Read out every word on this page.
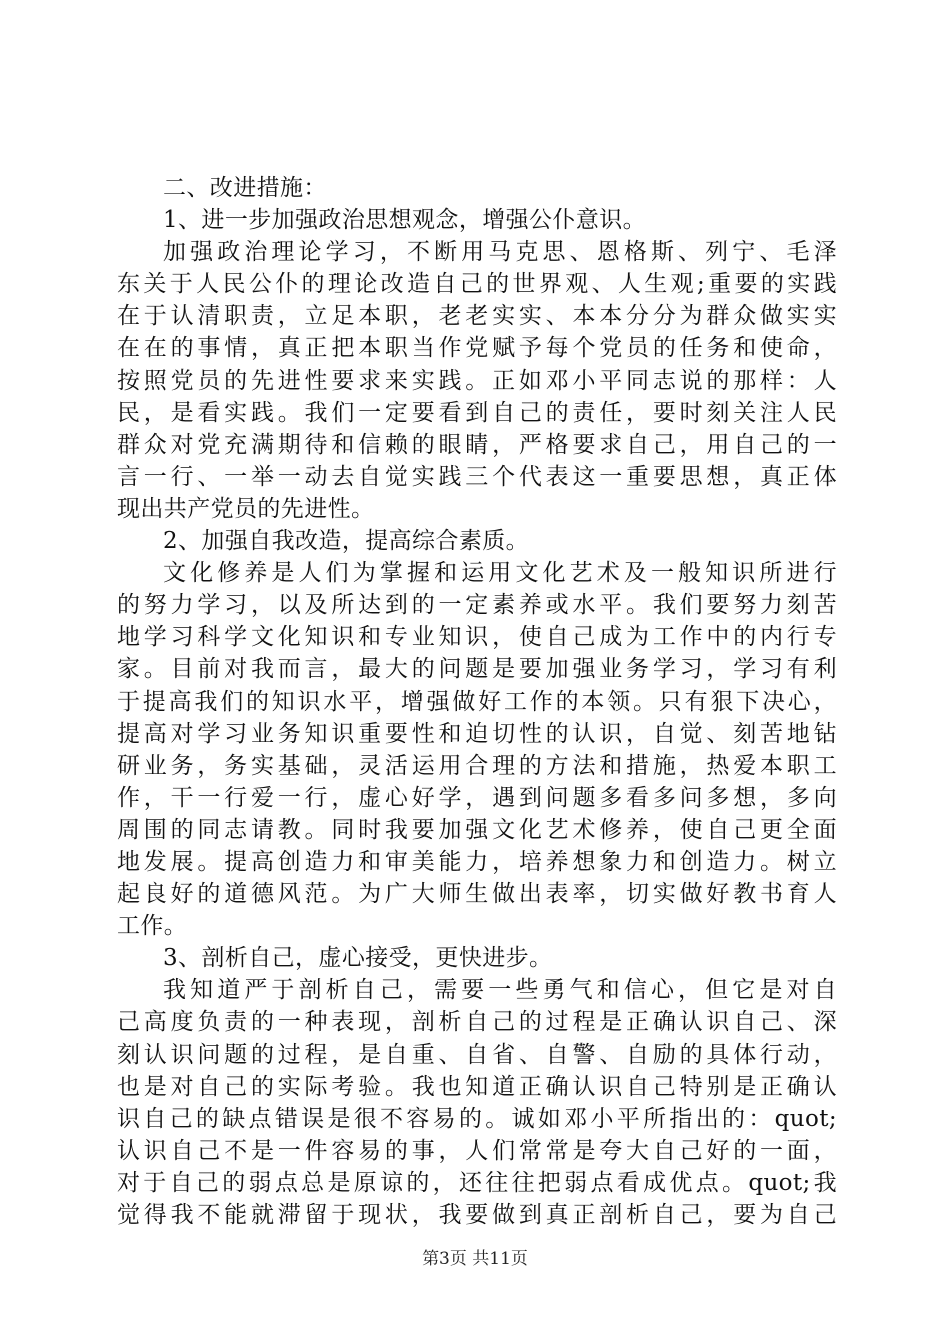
二、改进措施：
1、进一步加强政治思想观念，增强公仆意识。
加强政治理论学习，不断用马克思、恩格斯、列宁、毛泽
东关于人民公仆的理论改造自己的世界观、人生观;重要的实践
在于认清职责，立足本职，老老实实、本本分分为群众做实实
在在的事情，真正把本职当作党赋予每个党员的任务和使命，
按照党员的先进性要求来实践。正如邓小平同志说的那样：人
民，是看实践。我们一定要看到自己的责任，要时刻关注人民
群众对党充满期待和信赖的眼睛，严格要求自己，用自己的一
言一行、一举一动去自觉实践三个代表这一重要思想，真正体
现出共产党员的先进性。
2、加强自我改造，提高综合素质。
文化修养是人们为掌握和运用文化艺术及一般知识所进行
的努力学习，以及所达到的一定素养或水平。我们要努力刻苦
地学习科学文化知识和专业知识，使自己成为工作中的内行专
家。目前对我而言，最大的问题是要加强业务学习，学习有利
于提高我们的知识水平，增强做好工作的本领。只有狠下决心，
提高对学习业务知识重要性和迫切性的认识，自觉、刻苦地钻
研业务，务实基础，灵活运用合理的方法和措施，热爱本职工
作，干一行爱一行，虚心好学，遇到问题多看多问多想，多向
周围的同志请教。同时我要加强文化艺术修养，使自己更全面
地发展。提高创造力和审美能力，培养想象力和创造力。树立
起良好的道德风范。为广大师生做出表率，切实做好教书育人
工作。
3、剖析自己，虚心接受，更快进步。
我知道严于剖析自己，需要一些勇气和信心，但它是对自
己高度负责的一种表现，剖析自己的过程是正确认识自己、深
刻认识问题的过程，是自重、自省、自警、自励的具体行动，
也是对自己的实际考验。我也知道正确认识自己特别是正确认
识自己的缺点错误是很不容易的。诚如邓小平所指出的：quot;
认识自己不是一件容易的事，人们常常是夸大自己好的一面，
对于自己的弱点总是原谅的，还往往把弱点看成优点。quot;我
觉得我不能就滞留于现状，我要做到真正剖析自己，要为自己
第3页 共11页
